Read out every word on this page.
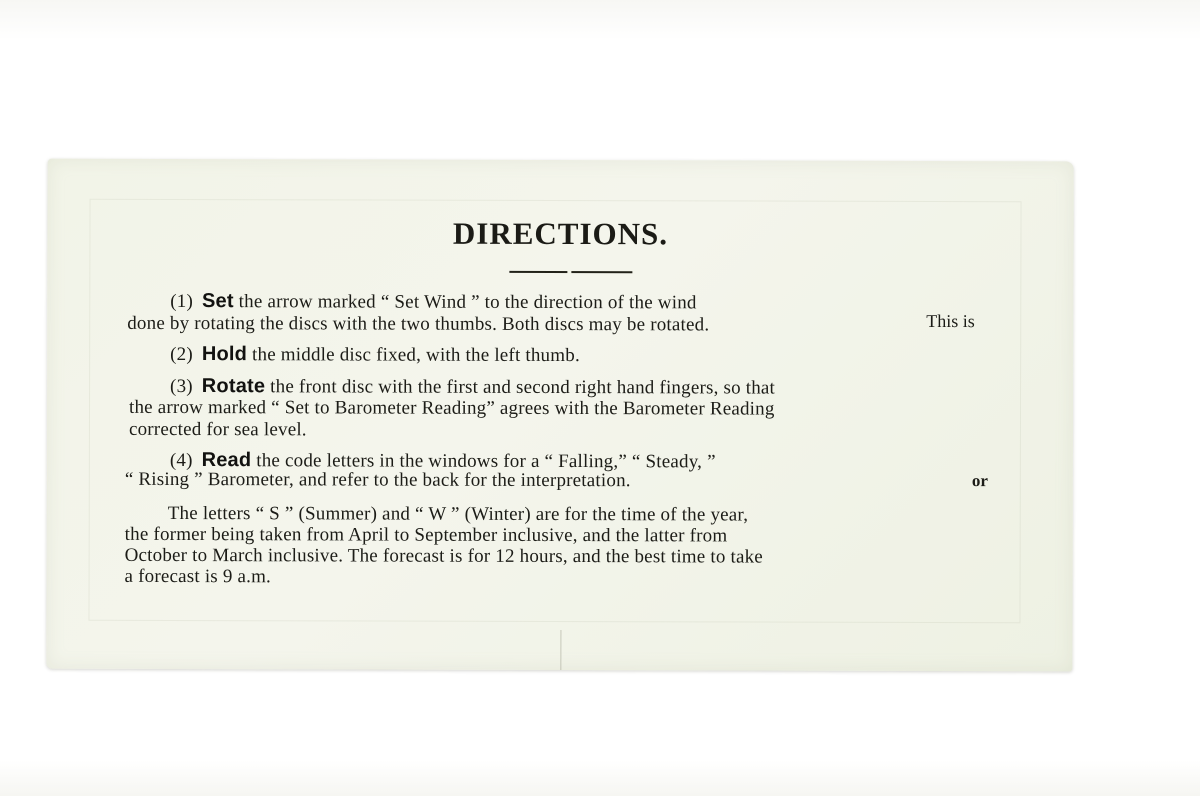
DIRECTIONS.
(1) Set the arrow marked “ Set Wind ” to the direction of the wind
done by rotating the discs with the two thumbs. Both discs may be rotated.	This is
(2) Hold the middle disc fixed, with the left thumb.
(3) Rotate the front disc with the first and second right hand fingers, so that
the arrow marked “ Set to Barometer Reading” agrees with the Barometer Reading
corrected for sea level.
(4) Read the code letters in the windows for a “ Falling,” “ Steady, ”
“ Rising ” Barometer, and refer to the back for the interpretation.	or
The letters “ S ” (Summer) and “ W ” (Winter) are for the time of the year,
the former being taken from April to September inclusive, and the latter from
October to March inclusive. The forecast is for 12 hours, and the best time to take
a forecast is 9 a.m.
